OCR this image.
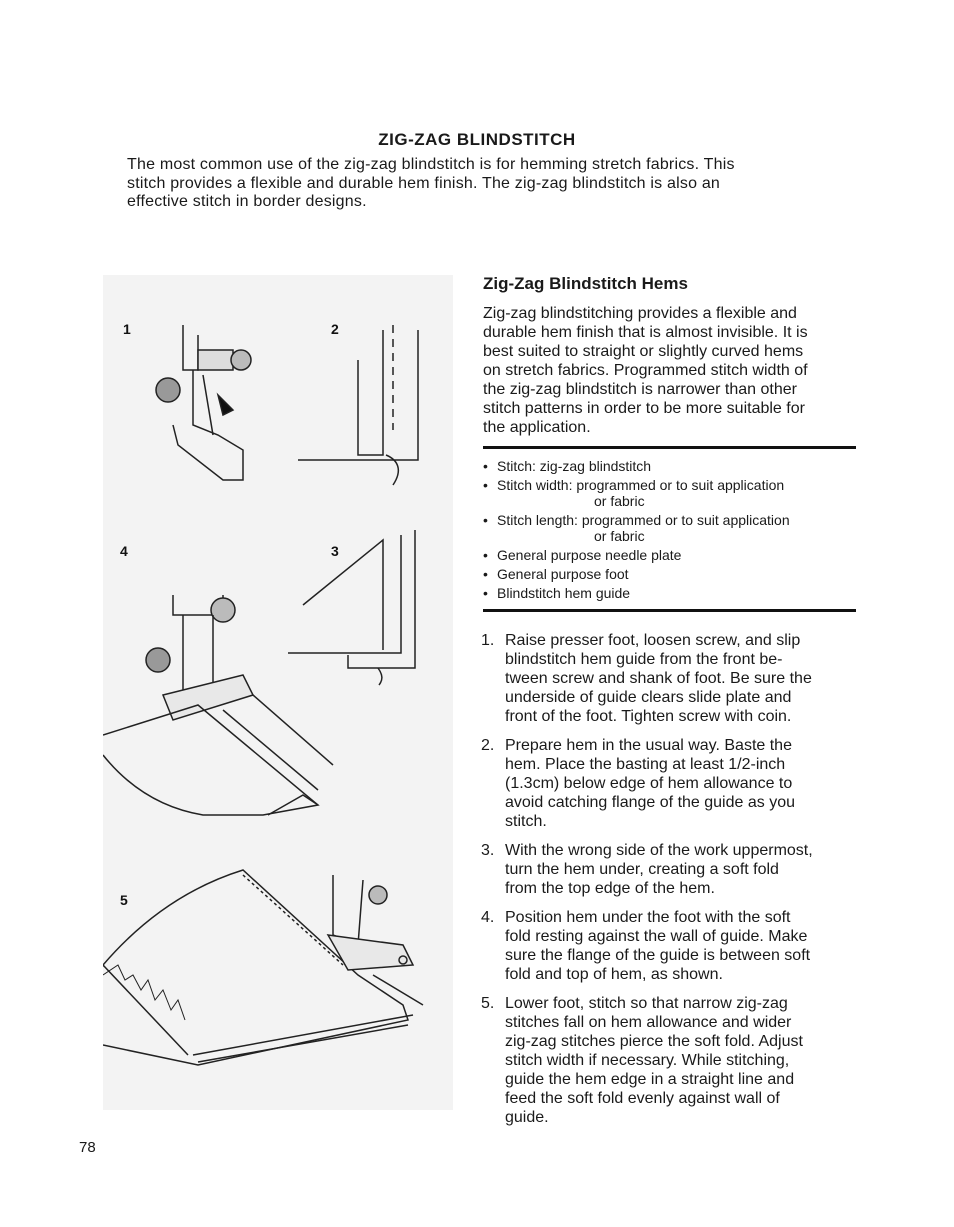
ZIG-ZAG BLINDSTITCH
The most common use of the zig-zag blindstitch is for hemming stretch fabrics. This
stitch provides a flexible and durable hem finish. The zig-zag blindstitch is also an
effective stitch in border designs.
1	2
4	3
5
Zig-Zag Blindstitch Hems
Zig-zag blindstitching provides a flexible and
durable hem finish that is almost invisible. It is
best suited to straight or slightly curved hems
on stretch fabrics. Programmed stitch width of
the zig-zag blindstitch is narrower than other
stitch patterns in order to be more suitable for
the application.
• Stitch: zig-zag blindstitch
• Stitch width: programmed or to suit application
or fabric
• Stitch length: programmed or to suit application
or fabric
• General purpose needle plate
• General purpose foot
• Blindstitch hem guide
1. Raise presser foot, loosen screw, and slip
blindstitch hem guide from the front be-
tween screw and shank of foot. Be sure the
underside of guide clears slide plate and
front of the foot. Tighten screw with coin.
2. Prepare hem in the usual way. Baste the
hem. Place the basting at least 1/2-inch
(1.3cm) below edge of hem allowance to
avoid catching flange of the guide as you
stitch.
3. With the wrong side of the work uppermost,
turn the hem under, creating a soft fold
from the top edge of the hem.
4. Position hem under the foot with the soft
fold resting against the wall of guide. Make
sure the flange of the guide is between soft
fold and top of hem, as shown.
5. Lower foot, stitch so that narrow zig-zag
stitches fall on hem allowance and wider
zig-zag stitches pierce the soft fold. Adjust
stitch width if necessary. While stitching,
guide the hem edge in a straight line and
feed the soft fold evenly against wall of
guide.
78
